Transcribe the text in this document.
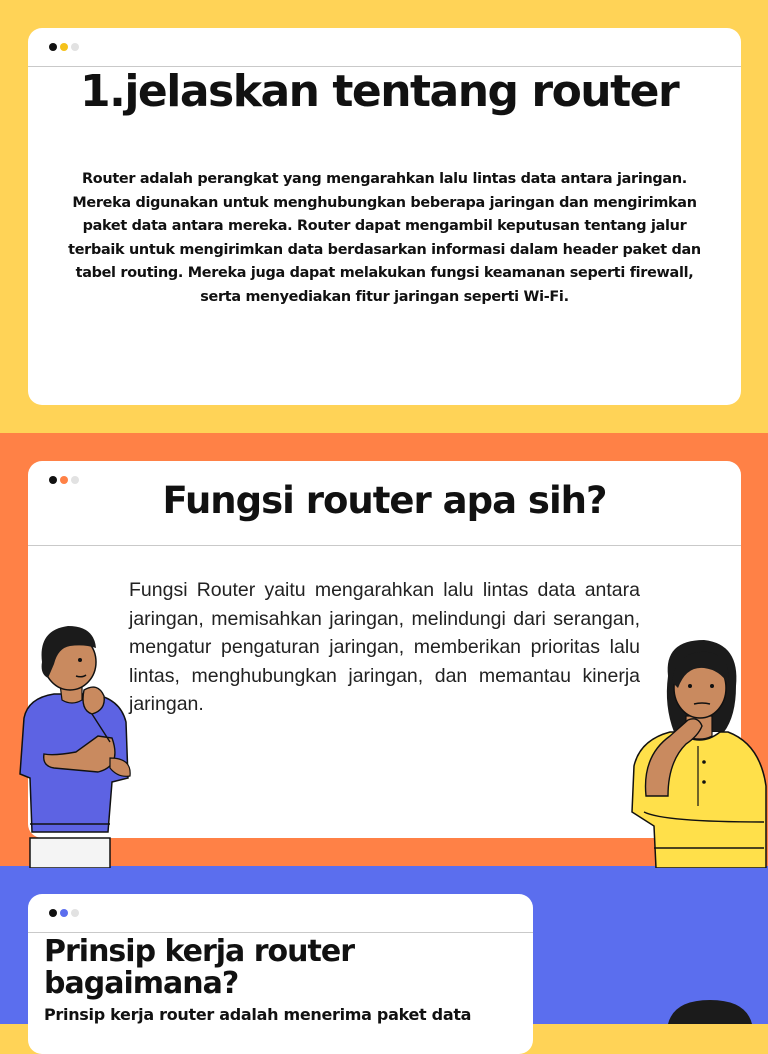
1.jelaskan tentang router

Router adalah perangkat yang mengarahkan lalu lintas data antara jaringan. Mereka digunakan untuk menghubungkan beberapa jaringan dan mengirimkan paket data antara mereka. Router dapat mengambil keputusan tentang jalur terbaik untuk mengirimkan data berdasarkan informasi dalam header paket dan tabel routing. Mereka juga dapat melakukan fungsi keamanan seperti firewall, serta menyediakan fitur jaringan seperti Wi-Fi.

Fungsi router apa sih?

Fungsi Router yaitu mengarahkan lalu lintas data antara jaringan, memisahkan jaringan, melindungi dari serangan, mengatur pengaturan jaringan, memberikan prioritas lalu lintas, menghubungkan jaringan, dan memantau kinerja jaringan.

Prinsip kerja router bagaimana?

Prinsip kerja router adalah menerima paket data
